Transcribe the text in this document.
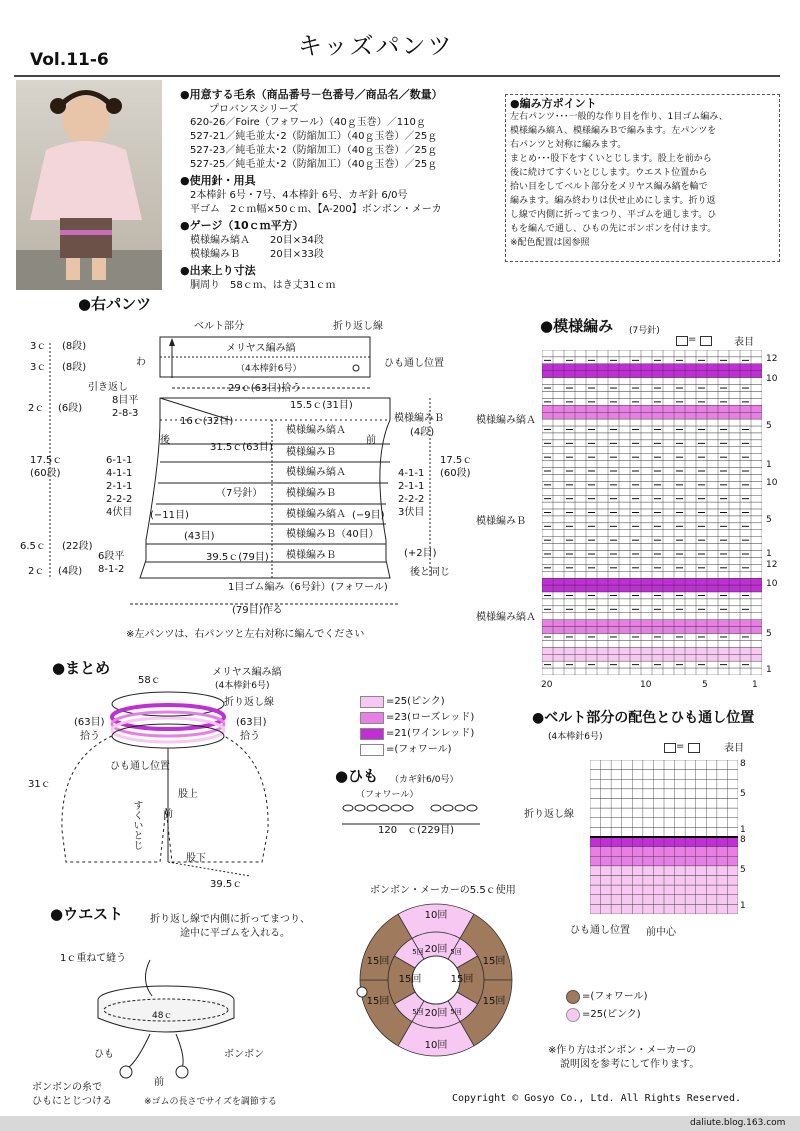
Vol.11-6	キッズパンツ
●用意する毛糸（商品番号－色番号／商品名／数量）
プロバンスシリーズ
620-26／Foire（フォワール）（40ｇ玉巻）／110ｇ
527-21／純毛並太･2（防縮加工）（40ｇ玉巻）／25ｇ
527-23／純毛並太･2（防縮加工）（40ｇ玉巻）／25ｇ
527-25／純毛並太･2（防縮加工）（40ｇ玉巻）／25ｇ
●使用針・用具
2本棒針 6号・7号、4本棒針 6号、カギ針 6/0号
平ゴム　2ｃｍ幅×50ｃｍ、【A-200】ボンボン・メーカ
●ゲージ（10ｃｍ平方）
模様編み縞Ａ　　20目×34段
模様編みＢ　　　20目×33段
●出来上り寸法
胴周り　58ｃｍ、はき丈31ｃｍ
●編み方ポイント
左右パンツ･･･一般的な作り目を作り、1目ゴム編み、
模様編み縞Ａ、模様編みＢで編みます。左パンツを
右パンツと対称に編みます。
まとめ･･･股下をすくいとじします。股上を前から
後に続けてすくいとじします。ウエスト位置から
拾い目をしてベルト部分をメリヤス編み縞を輪で
編みます。編み終わりは伏せ止めにします。折り返
し線で内側に折ってまつり、平ゴムを通します。ひ
もを編んで通し、ひもの先にボンボンを付けます。
※配色配置は図参照
●右パンツ
ベルト部分	折り返し線
わ
メリヤス編み縞
（4本棒針6号）	ひも通し位置
29ｃ(63目)拾う
3ｃ (8段)
3ｃ (8段)
2ｃ (6段)
17.5ｃ
(60段)
6.5ｃ (22段)
2ｃ (4段)
引き返し
8目平
2-8-3
15.5ｃ(31目)
16ｃ(32目)
後	前
31.5ｃ(63目)
模様編み縞Ａ
模様編みＢ
模様編み縞Ａ
模様編みＢ
（7号針）
模様編み縞Ａ
模様編みＢ（40目）
模様編みＢ
模様編みＢ
(4段)
17.5ｃ
(60段)
6-1-1
4-1-1
2-1-1
2-2-2
4伏目
4-1-1
2-1-1
2-2-2
3伏目
(−11目)	(−9目)
(43目)
39.5ｃ(79目)
6段平
8-1-2
(+2目)
後と同じ
1目ゴム編み（6号針）(フォワール)
(79目)作る
※左パンツは、右パンツと左右対称に編んでください
●模様編み (7号針)
=	表目
模様編み縞Ａ
模様編みＢ
模様編み縞Ａ
12
10
5
1
10
5
1
12
10
5
1
20	10	5	1
●まとめ
58ｃ
メリヤス編み縞
(4本棒針6号)
折り返し線
(63目)
拾う
(63目)
拾う
ひも通し位置
31ｃ
股上
すくいとじ 前
股下
39.5ｃ
=25(ピンク)
=23(ローズレッド)
=21(ワインレッド)
=(フォワール)
●ひも （カギ針6/0号）
（フォワール）
120　ｃ(229目)
●ベルト部分の配色とひも通し位置
(4本棒針6号)
=	表目
8
5
1
8
5
1
折り返し線
ひも通し位置 前中心
●ウエスト	折り返し線で内側に折ってまつり、
途中に平ゴムを入れる。
1ｃ重ねて縫う
48ｃ
ひも	ボンボン
前
ボンボンの糸で
ひもにとじつける	※ゴムの長さでサイズを調節する
ボンボン・メーカーの5.5ｃ使用
10回
10回
20回
20回
15回
15回
15回
15回
15回	15回
5回	5回
5回	5回
=(フォワール)
=25(ピンク)
※作り方はボンボン・メーカーの
説明図を参考にして作ります。
Copyright © Gosyo Co., Ltd. All Rights Reserved.
daliute.blog.163.com
